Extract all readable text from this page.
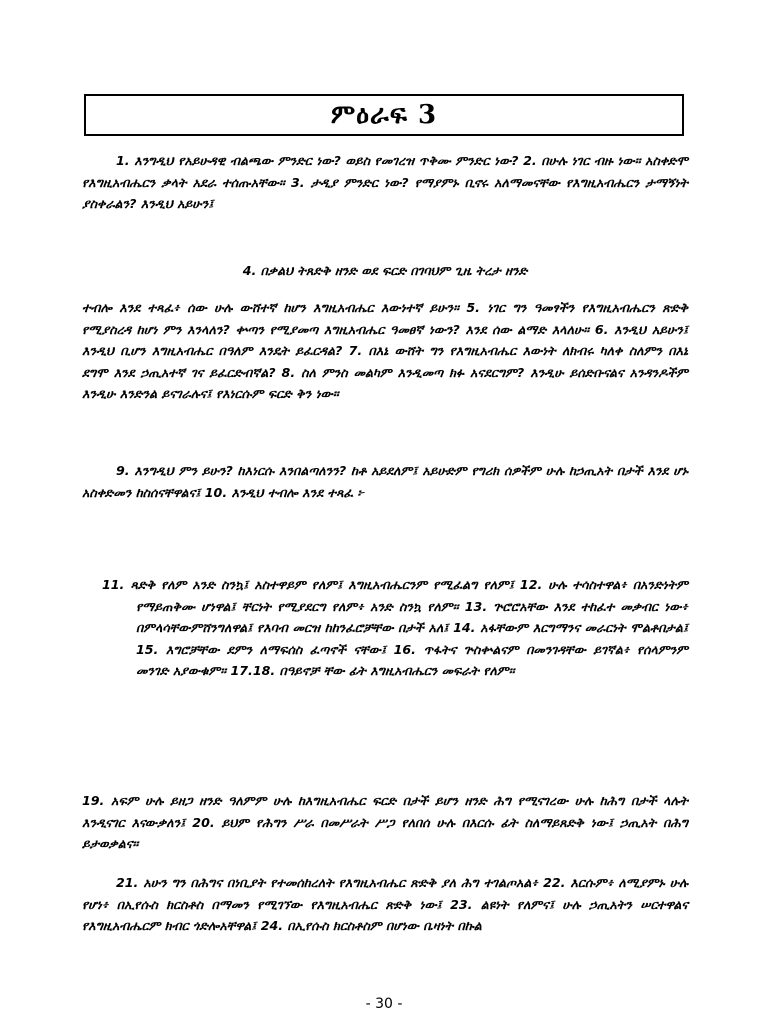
ምዕራፍ 3

1. እንግዲህ የአይሁዳዊ ብልጫው ምንድር ነው? ወይስ የመገረዝ ጥቅሙ ምንድር ነው? 2. በሁሉ ነገር ብዙ ነው። አስቀድሞ የእግዚአብሔርን ቃላት አደራ ተሰጡአቸው። 3. ታዲያ ምንድር ነው? የማያምኑ ቢኖሩ አለማመናቸው የእግዚአብሔርን ታማኝነት ያስቀራልን? እንዲህ አይሁን፤

4. በቃልህ ትጸድቅ ዘንድ ወደ ፍርድ በገባህም ጊዜ ትረታ ዘንድ

ተብሎ እንደ ተጻፈ፥ ሰው ሁሉ ውሸተኛ ከሆን እግዚአብሔር እውነተኛ ይሁን። 5. ነገር ግን ዓመፃችን የእግዚአብሔርን ጽድቅ የሚያስረዳ ከሆነ ምን እንላለን? ቍጣን የሚያመጣ እግዚአብሔር ዓመፀኛ ነውን? እንደ ሰው ልማድ እላለሁ። 6. እንዲህ አይሁን፤ እንዲህ ቢሆን እግዚአብሔር በዓለም እንዴት ይፈርዳል? 7. በእኔ ውሸት ግን የእግዚአብሔር እውነት ለክብሩ ካለቀ ስለምን በእኔ ደግሞ እንደ ኃጢአተኛ ገና ይፈርድብኛል? 8. ስለ ምንስ መልካም እንዲመጣ ክፉ አናደርግም? እንዲሁ ይሰድቡናልና አንዳንዶችም እንዲሁ እንድንል ይናገራሉና፤ የእነርሱም ፍርድ ቅን ነው።

9. እንግዲህ ምን ይሁን? ከእነርሱ እንበልጣለንን? ከቶ አይደለም፤ አይሁድም የግሪክ ሰዎችም ሁሉ ከኃጢአት በታች እንደ ሆኑ አስቀድመን ከስሰናቸዋልና፤ 10. እንዲህ ተብሎ እንደ ተጻፈ ፦

11. ጻድቅ የለም አንድ ስንኳ፤ አስተዋይም የለም፤ እግዚአብሔርንም የሚፈልግ የለም፤ 12. ሁሉ ተሳስተዋል፥ በአንድነትም የማይጠቅሙ ሆነዋል፤ ቸርነት የሚያደርግ የለም፥ አንድ ስንኳ የለም። 13. ጕሮሮአቸው እንደ ተከፈተ መቃብር ነው፥ በምላሳቸውምሸንግለዋል፤ የእባብ መርዝ ከከንፈሮቻቸው በታች አለ፤ 14. አፋቸውም እርግማንና መራርነት ሞልቶበታል፤ 15. እግሮቻቸው ደምን ለማፍሰስ ፈጣኖች ናቸው፤ 16. ጥፋትና ጕስቍልናም በመንገዳቸው ይገኛል፥ የሰላምንም መንገድ አያውቁም። 17.18. በዓይኖቻ ቸው ፊት እግዚአብሔርን መፍራት የለም።

19. አፍም ሁሉ ይዘጋ ዘንድ ዓለምም ሁሉ ከእግዚአብሔር ፍርድ በታች ይሆን ዘንድ ሕግ የሚናገረው ሁሉ ከሕግ በታች ላሉት እንዲናገር እናውቃለን፤ 20. ይህም የሕግን ሥራ በመሥራት ሥጋ የለበሰ ሁሉ በእርሱ ፊት ስለማይጸድቅ ነው፤ ኃጢአት በሕግ ይታወቃልና።

21. አሁን ግን በሕግና በነቢያት የተመሰከረለት የእግዚአብሔር ጽድቅ ያለ ሕግ ተገልጦአል፥ 22. እርሱም፥ ለሚያምኑ ሁሉ የሆነ፥ በኢየሱስ ክርስቶስ በማመን የሚገኘው የእግዚአብሔር ጽድቅ ነው፤ 23. ልዩነት የለምና፤ ሁሉ ኃጢአትን ሠርተዋልና የእግዚአብሔርም ክብር ጎድሎአቸዋል፤ 24. በኢየሱስ ክርስቶስም በሆነው ቤዛነት በኩል

- 30 -
